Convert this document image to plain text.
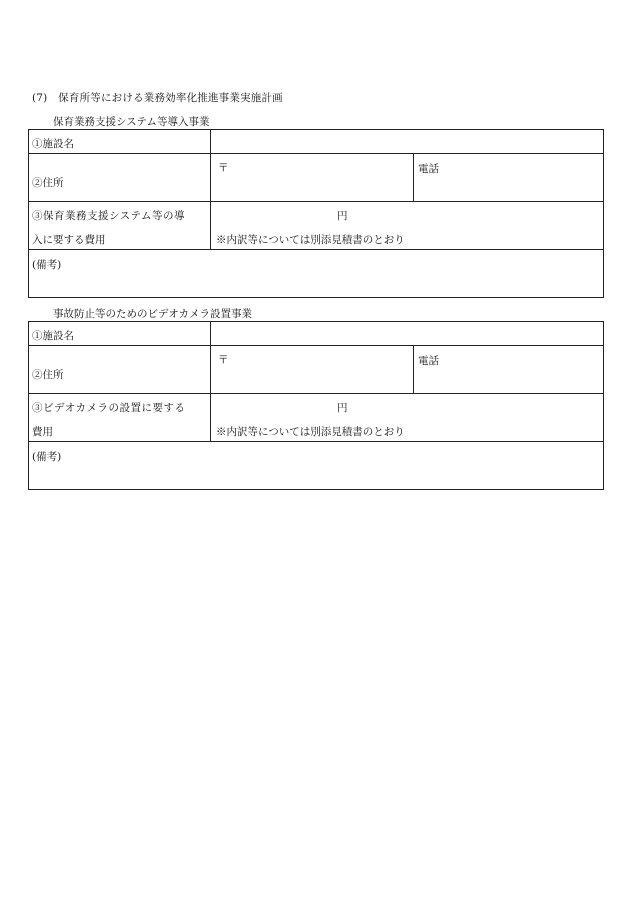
(7)　保育所等における業務効率化推進事業実施計画
保育業務支援システム等導入事業
①施設名		

②住所	〒	電話

③保育業務支援システム等の導
入に要する費用	円
※内訳等については別添見積書のとおり	

(備考)		
事故防止等のためのビデオカメラ設置事業
①施設名		

②住所	〒	電話

③ビデオカメラの設置に要する
費用	円
※内訳等については別添見積書のとおり	

(備考)		
